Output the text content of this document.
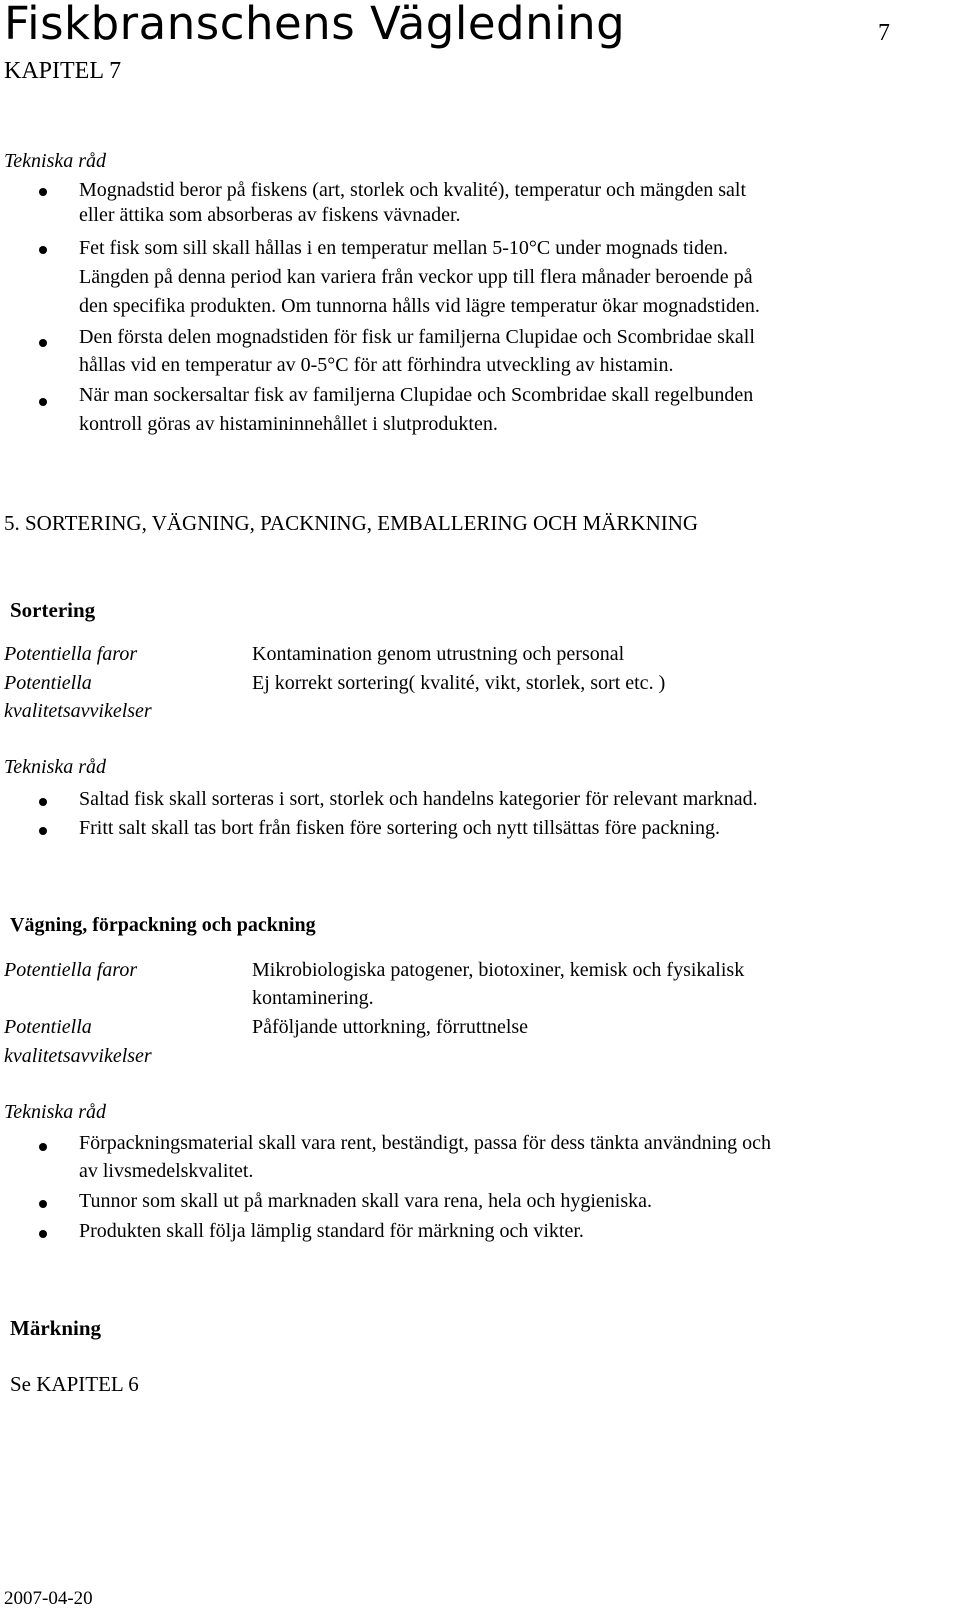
Fiskbranschens Vägledning	7
KAPITEL 7
Tekniska råd
Mognadstid beror på fiskens (art, storlek och kvalité), temperatur och mängden salt
eller ättika som absorberas av fiskens vävnader.
Fet fisk som sill skall hållas i en temperatur mellan 5-10°C under mognads tiden.
Längden på denna period kan variera från veckor upp till flera månader beroende på
den specifika produkten. Om tunnorna hålls vid lägre temperatur ökar mognadstiden.
Den första delen mognadstiden för fisk ur familjerna Clupidae och Scombridae skall
hållas vid en temperatur av 0-5°C för att förhindra utveckling av histamin.
När man sockersaltar fisk av familjerna Clupidae och Scombridae skall regelbunden
kontroll göras av histamininnehållet i slutprodukten.
5. SORTERING, VÄGNING, PACKNING, EMBALLERING OCH MÄRKNING
Sortering
Potentiella faror	Kontamination genom utrustning och personal
Potentiella	Ej korrekt sortering( kvalité, vikt, storlek, sort etc. )
kvalitetsavvikelser
Tekniska råd
Saltad fisk skall sorteras i sort, storlek och handelns kategorier för relevant marknad.
Fritt salt skall tas bort från fisken före sortering och nytt tillsättas före packning.
Vägning, förpackning och packning
Potentiella faror	Mikrobiologiska patogener, biotoxiner, kemisk och fysikalisk
kontaminering.
Potentiella	Påföljande uttorkning, förruttnelse
kvalitetsavvikelser
Tekniska råd
Förpackningsmaterial skall vara rent, beständigt, passa för dess tänkta användning och
av livsmedelskvalitet.
Tunnor som skall ut på marknaden skall vara rena, hela och hygieniska.
Produkten skall följa lämplig standard för märkning och vikter.
Märkning
Se KAPITEL 6
2007-04-20
